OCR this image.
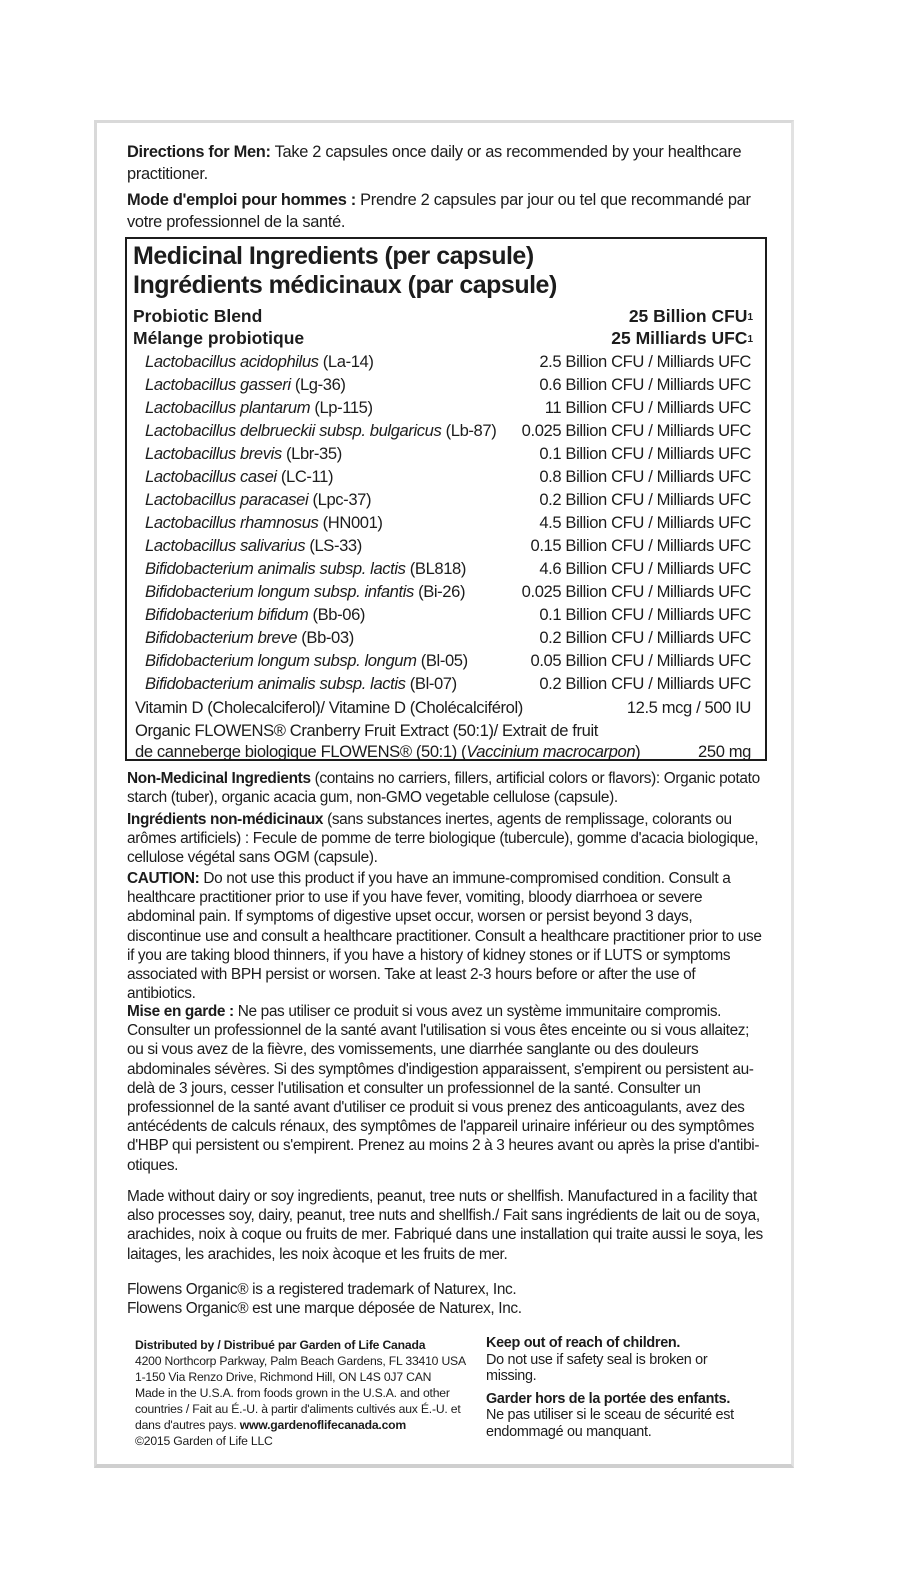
Directions for Men: Take 2 capsules once daily or as recommended by your healthcare practitioner.
Mode d'emploi pour hommes : Prendre 2 capsules par jour ou tel que recommandé par votre professionnel de la santé.
Medicinal Ingredients (per capsule)
Ingrédients médicinaux (par capsule)
Probiotic Blend	25 Billion CFU$^1$
Mélange probiotique	25 Milliards UFC$^1$
Lactobacillus acidophilus (La-14)	2.5 Billion CFU / Milliards UFC
Lactobacillus gasseri (Lg-36)	0.6 Billion CFU / Milliards UFC
Lactobacillus plantarum (Lp-115)	11 Billion CFU / Milliards UFC
Lactobacillus delbrueckii subsp. bulgaricus (Lb-87) 0.025 Billion CFU / Milliards UFC
Lactobacillus brevis (Lbr-35)	0.1 Billion CFU / Milliards UFC
Lactobacillus casei (LC-11)	0.8 Billion CFU / Milliards UFC
Lactobacillus paracasei (Lpc-37)	0.2 Billion CFU / Milliards UFC
Lactobacillus rhamnosus (HN001)	4.5 Billion CFU / Milliards UFC
Lactobacillus salivarius (LS-33)	0.15 Billion CFU / Milliards UFC
Bifidobacterium animalis subsp. lactis (BL818)	4.6 Billion CFU / Milliards UFC
Bifidobacterium longum subsp. infantis (Bi-26)	0.025 Billion CFU / Milliards UFC
Bifidobacterium bifidum (Bb-06)	0.1 Billion CFU / Milliards UFC
Bifidobacterium breve (Bb-03)	0.2 Billion CFU / Milliards UFC
Bifidobacterium longum subsp. longum (Bl-05)	0.05 Billion CFU / Milliards UFC
Bifidobacterium animalis subsp. lactis (Bl-07)	0.2 Billion CFU / Milliards UFC
Vitamin D (Cholecalciferol)/ Vitamine D (Cholécalciférol)	12.5 mcg / 500 IU
Organic FLOWENS® Cranberry Fruit Extract (50:1)/ Extrait de fruit
de canneberge biologique FLOWENS® (50:1) (Vaccinium macrocarpon)	250 mg
Non-Medicinal Ingredients (contains no carriers, fillers, artificial colors or flavors): Organic potato starch (tuber), organic acacia gum, non-GMO vegetable cellulose (capsule).
Ingrédients non-médicinaux (sans substances inertes, agents de remplissage, colorants ou arômes artificiels) : Fecule de pomme de terre biologique (tubercule), gomme d'acacia biologique, cellulose végétal sans OGM (capsule).
CAUTION: Do not use this product if you have an immune-compromised condition. Consult a healthcare practitioner prior to use if you have fever, vomiting, bloody diarrhoea or severe abdominal pain. If symptoms of digestive upset occur, worsen or persist beyond 3 days, discontinue use and consult a healthcare practitioner. Consult a healthcare practitioner prior to use if you are taking blood thinners, if you have a history of kidney stones or if LUTS or symptoms associated with BPH persist or worsen. Take at least 2-3 hours before or after the use of antibiotics.
Mise en garde : Ne pas utiliser ce produit si vous avez un système immunitaire compromis. Consulter un professionnel de la santé avant l'utilisation si vous êtes enceinte ou si vous allaitez; ou si vous avez de la fièvre, des vomissements, une diarrhée sanglante ou des douleurs abdominales sévères. Si des symptômes d'indigestion apparaissent, s'empirent ou persistent au-delà de 3 jours, cesser l'utilisation et consulter un professionnel de la santé. Consulter un professionnel de la santé avant d'utiliser ce produit si vous prenez des anticoagulants, avez des antécédents de calculs rénaux, des symptômes de l'appareil urinaire inférieur ou des symptômes d'HBP qui persistent ou s'empirent. Prenez au moins 2 à 3 heures avant ou après la prise d'antibi-otiques.
Made without dairy or soy ingredients, peanut, tree nuts or shellfish. Manufactured in a facility that also processes soy, dairy, peanut, tree nuts and shellfish./ Fait sans ingrédients de lait ou de soya, arachides, noix à coque ou fruits de mer. Fabriqué dans une installation qui traite aussi le soya, les laitages, les arachides, les noix àcoque et les fruits de mer.
Flowens Organic® is a registered trademark of Naturex, Inc.
Flowens Organic® est une marque déposée de Naturex, Inc.
Distributed by / Distribué par Garden of Life Canada
4200 Northcorp Parkway, Palm Beach Gardens, FL 33410 USA
1-150 Via Renzo Drive, Richmond Hill, ON L4S 0J7 CAN
Made in the U.S.A. from foods grown in the U.S.A. and other countries / Fait au É.-U. à partir d'aliments cultivés aux É.-U. et dans d'autres pays. www.gardenoflifecanada.com
©2015 Garden of Life LLC
Keep out of reach of children.
Do not use if safety seal is broken or missing.
Garder hors de la portée des enfants.
Ne pas utiliser si le sceau de sécurité est endommagé ou manquant.
